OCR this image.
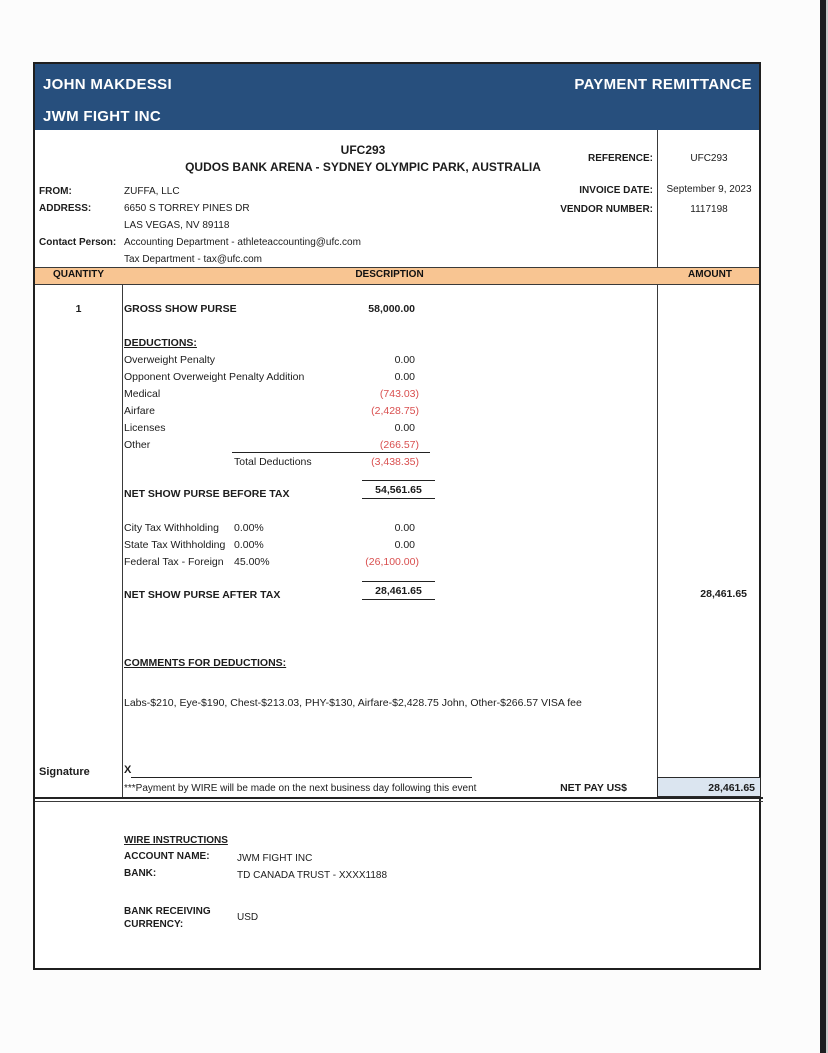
JOHN MAKDESSI	PAYMENT REMITTANCE
JWM FIGHT INC
UFC293
QUDOS BANK ARENA - SYDNEY OLYMPIC PARK, AUSTRALIA
FROM:	ZUFFA, LLC
ADDRESS:	6650 S TORREY PINES DR
LAS VEGAS, NV 89118
Contact Person: Accounting Department - athleteaccounting@ufc.com
Tax Department - tax@ufc.com
REFERENCE:	UFC293
INVOICE DATE:	September 9, 2023
VENDOR NUMBER:	1117198
QUANTITY	DESCRIPTION	AMOUNT
1	GROSS SHOW PURSE	58,000.00
DEDUCTIONS:
Overweight Penalty	0.00
Opponent Overweight Penalty Addition	0.00
Medical	(743.03)
Airfare	(2,428.75)
Licenses	0.00
Other	(266.57)
Total Deductions	(3,438.35)
NET SHOW PURSE BEFORE TAX	54,561.65
City Tax Withholding 0.00%	0.00
State Tax Withholding 0.00%	0.00
Federal Tax - Foreign 45.00%	(26,100.00)
NET SHOW PURSE AFTER TAX	28,461.65	28,461.65
COMMENTS FOR DEDUCTIONS:
Labs-$210, Eye-$190, Chest-$213.03, PHY-$130, Airfare-$2,428.75 John, Other-$266.57 VISA fee
Signature	X
***Payment by WIRE will be made on the next business day following this event	NET PAY US$	28,461.65
WIRE INSTRUCTIONS
ACCOUNT NAME:	JWM FIGHT INC
BANK:	TD CANADA TRUST - XXXX1188
BANK RECEIVING CURRENCY:
USD
